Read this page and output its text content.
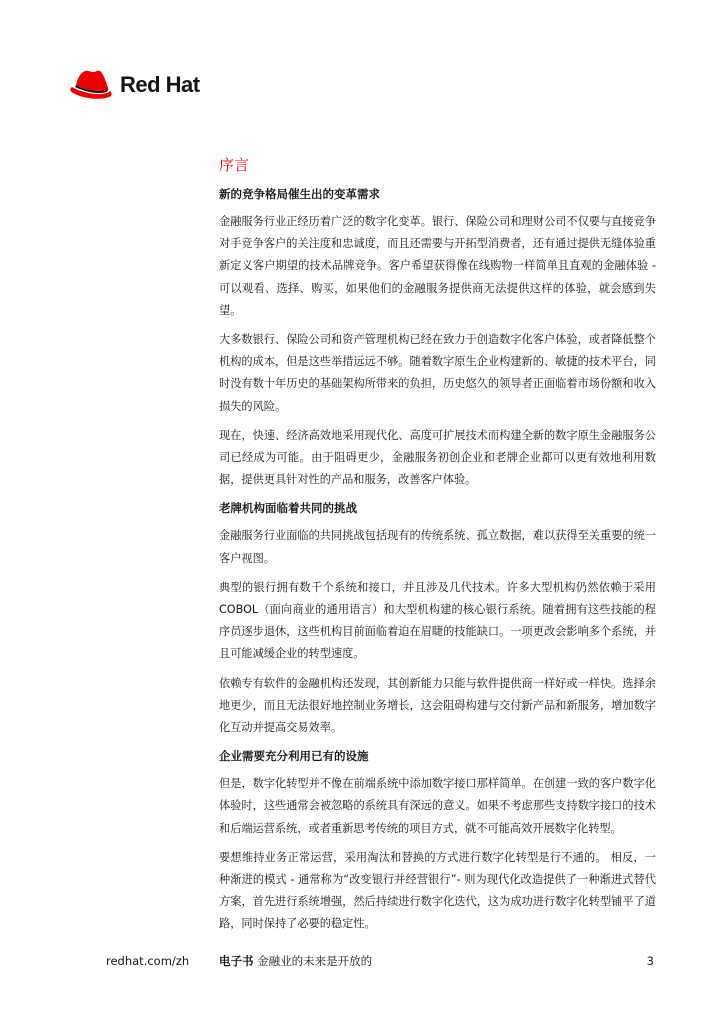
Red Hat
序言
新的竞争格局催生出的变革需求

金融服务行业正经历着广泛的数字化变革。银行、保险公司和理财公司不仅要与直接竞争对手竞争客户的关注度和忠诚度，而且还需要与开拓型消费者，还有通过提供无缝体验重新定义客户期望的技术品牌竞争。客户希望获得像在线购物一样简单且直观的金融体验 - 可以观看、选择、购买，如果他们的金融服务提供商无法提供这样的体验，就会感到失望。

大多数银行、保险公司和资产管理机构已经在致力于创造数字化客户体验，或者降低整个机构的成本，但是这些举措远远不够。随着数字原生企业构建新的、敏捷的技术平台，同时没有数十年历史的基础架构所带来的负担，历史悠久的领导者正面临着市场份额和收入损失的风险。

现在，快速、经济高效地采用现代化、高度可扩展技术而构建全新的数字原生金融服务公司已经成为可能。由于阻碍更少，金融服务初创企业和老牌企业都可以更有效地利用数据，提供更具针对性的产品和服务，改善客户体验。

老牌机构面临着共同的挑战

金融服务行业面临的共同挑战包括现有的传统系统、孤立数据，难以获得至关重要的统一客户视图。

典型的银行拥有数千个系统和接口，并且涉及几代技术。许多大型机构仍然依赖于采用 COBOL（面向商业的通用语言）和大型机构建的核心银行系统。随着拥有这些技能的程序员逐步退休，这些机构目前面临着迫在眉睫的技能缺口。一项更改会影响多个系统，并且可能减缓企业的转型速度。

依赖专有软件的金融机构还发现，其创新能力只能与软件提供商一样好或一样快。选择余地更少，而且无法很好地控制业务增长，这会阻碍构建与交付新产品和新服务，增加数字化互动并提高交易效率。

企业需要充分利用已有的设施

但是，数字化转型并不像在前端系统中添加数字接口那样简单。在创建一致的客户数字化体验时，这些通常会被忽略的系统具有深远的意义。如果不考虑那些支持数字接口的技术和后端运营系统，或者重新思考传统的项目方式，就不可能高效开展数字化转型。

要想维持业务正常运营，采用淘汰和替换的方式进行数字化转型是行不通的。 相反，一种渐进的模式 - 通常称为“改变银行并经营银行”- 则为现代化改造提供了一种渐进式替代方案，首先进行系统增强，然后持续进行数字化迭代，这为成功进行数字化转型铺平了道路，同时保持了必要的稳定性。

redhat.com/zh	电子书 金融业的未来是开放的	3
